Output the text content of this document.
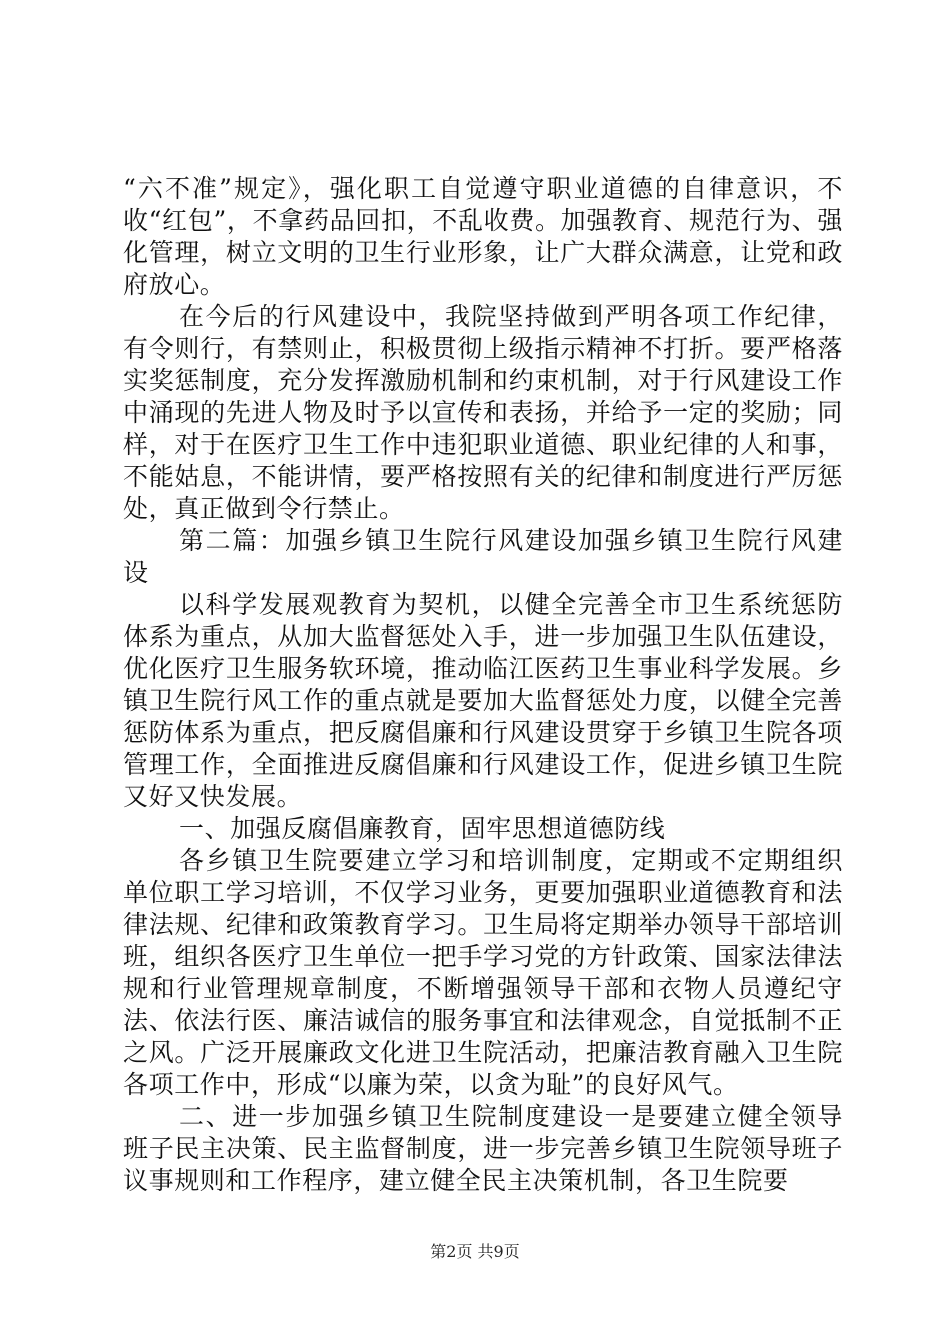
“六不准”规定》，强化职工自觉遵守职业道德的自律意识，不收“红包”，不拿药品回扣，不乱收费。加强教育、规范行为、强化管理，树立文明的卫生行业形象，让广大群众满意，让党和政府放心。

在今后的行风建设中，我院坚持做到严明各项工作纪律，有令则行，有禁则止，积极贯彻上级指示精神不打折。要严格落实奖惩制度，充分发挥激励机制和约束机制，对于行风建设工作中涌现的先进人物及时予以宣传和表扬，并给予一定的奖励；同样，对于在医疗卫生工作中违犯职业道德、职业纪律的人和事，不能姑息，不能讲情，要严格按照有关的纪律和制度进行严厉惩处，真正做到令行禁止。

第二篇：加强乡镇卫生院行风建设加强乡镇卫生院行风建设

以科学发展观教育为契机，以健全完善全市卫生系统惩防体系为重点，从加大监督惩处入手，进一步加强卫生队伍建设，优化医疗卫生服务软环境，推动临江医药卫生事业科学发展。乡镇卫生院行风工作的重点就是要加大监督惩处力度，以健全完善惩防体系为重点，把反腐倡廉和行风建设贯穿于乡镇卫生院各项管理工作，全面推进反腐倡廉和行风建设工作，促进乡镇卫生院又好又快发展。

一、加强反腐倡廉教育，固牢思想道德防线

各乡镇卫生院要建立学习和培训制度，定期或不定期组织单位职工学习培训，不仅学习业务，更要加强职业道德教育和法律法规、纪律和政策教育学习。卫生局将定期举办领导干部培训班，组织各医疗卫生单位一把手学习党的方针政策、国家法律法规和行业管理规章制度，不断增强领导干部和衣物人员遵纪守法、依法行医、廉洁诚信的服务事宜和法律观念，自觉抵制不正之风。广泛开展廉政文化进卫生院活动，把廉洁教育融入卫生院各项工作中，形成“以廉为荣，以贪为耻”的良好风气。

二、进一步加强乡镇卫生院制度建设一是要建立健全领导班子民主决策、民主监督制度，进一步完善乡镇卫生院领导班子议事规则和工作程序，建立健全民主决策机制，各卫生院要

第2页 共9页
